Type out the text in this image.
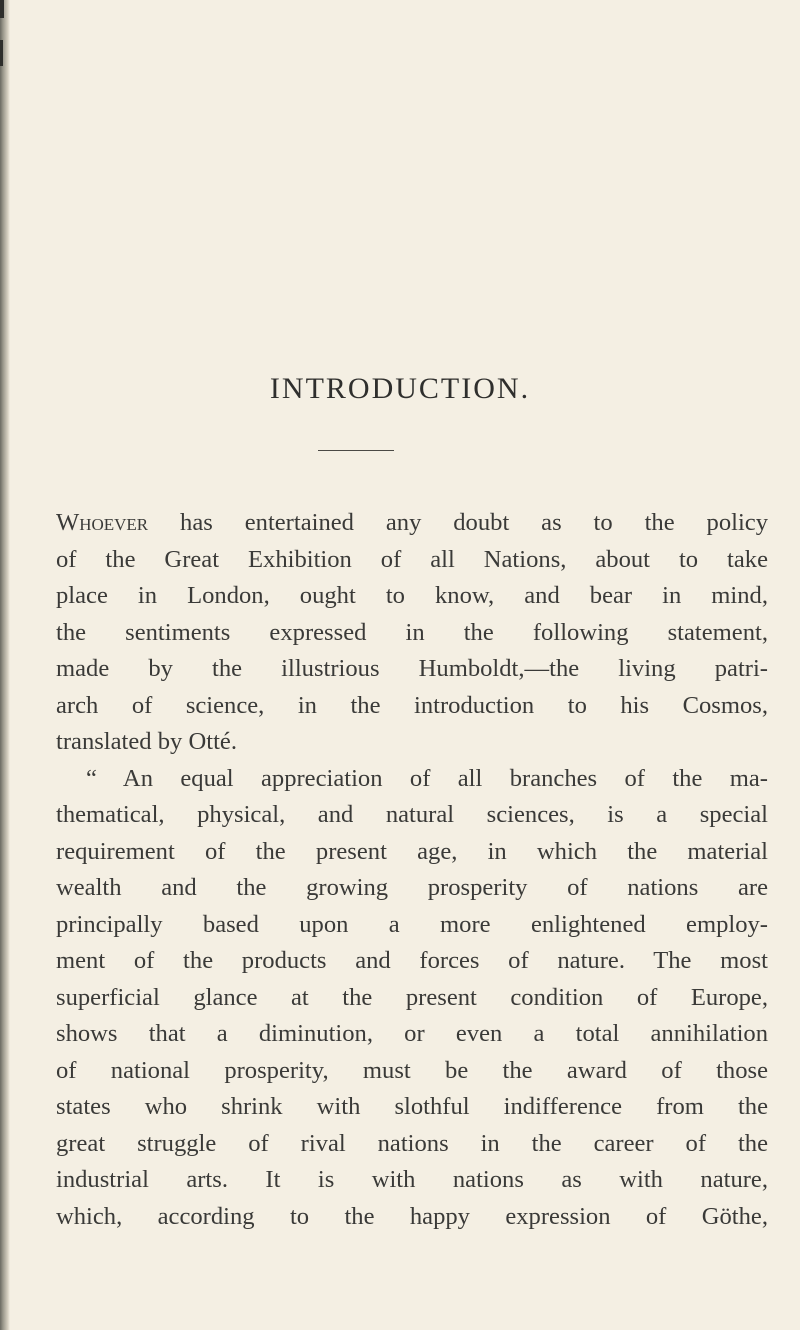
INTRODUCTION.
Whoever has entertained any doubt as to the policy
of the Great Exhibition of all Nations, about to take
place in London, ought to know, and bear in mind,
the sentiments expressed in the following statement,
made by the illustrious Humboldt,—the living patri-
arch of science, in the introduction to his Cosmos,
translated by Otté.
“ An equal appreciation of all branches of the ma-
thematical, physical, and natural sciences, is a special
requirement of the present age, in which the material
wealth and the growing prosperity of nations are
principally based upon a more enlightened employ-
ment of the products and forces of nature. The most
superficial glance at the present condition of Europe,
shows that a diminution, or even a total annihilation
of national prosperity, must be the award of those
states who shrink with slothful indifference from the
great struggle of rival nations in the career of the
industrial arts. It is with nations as with nature,
which, according to the happy expression of Göthe,
